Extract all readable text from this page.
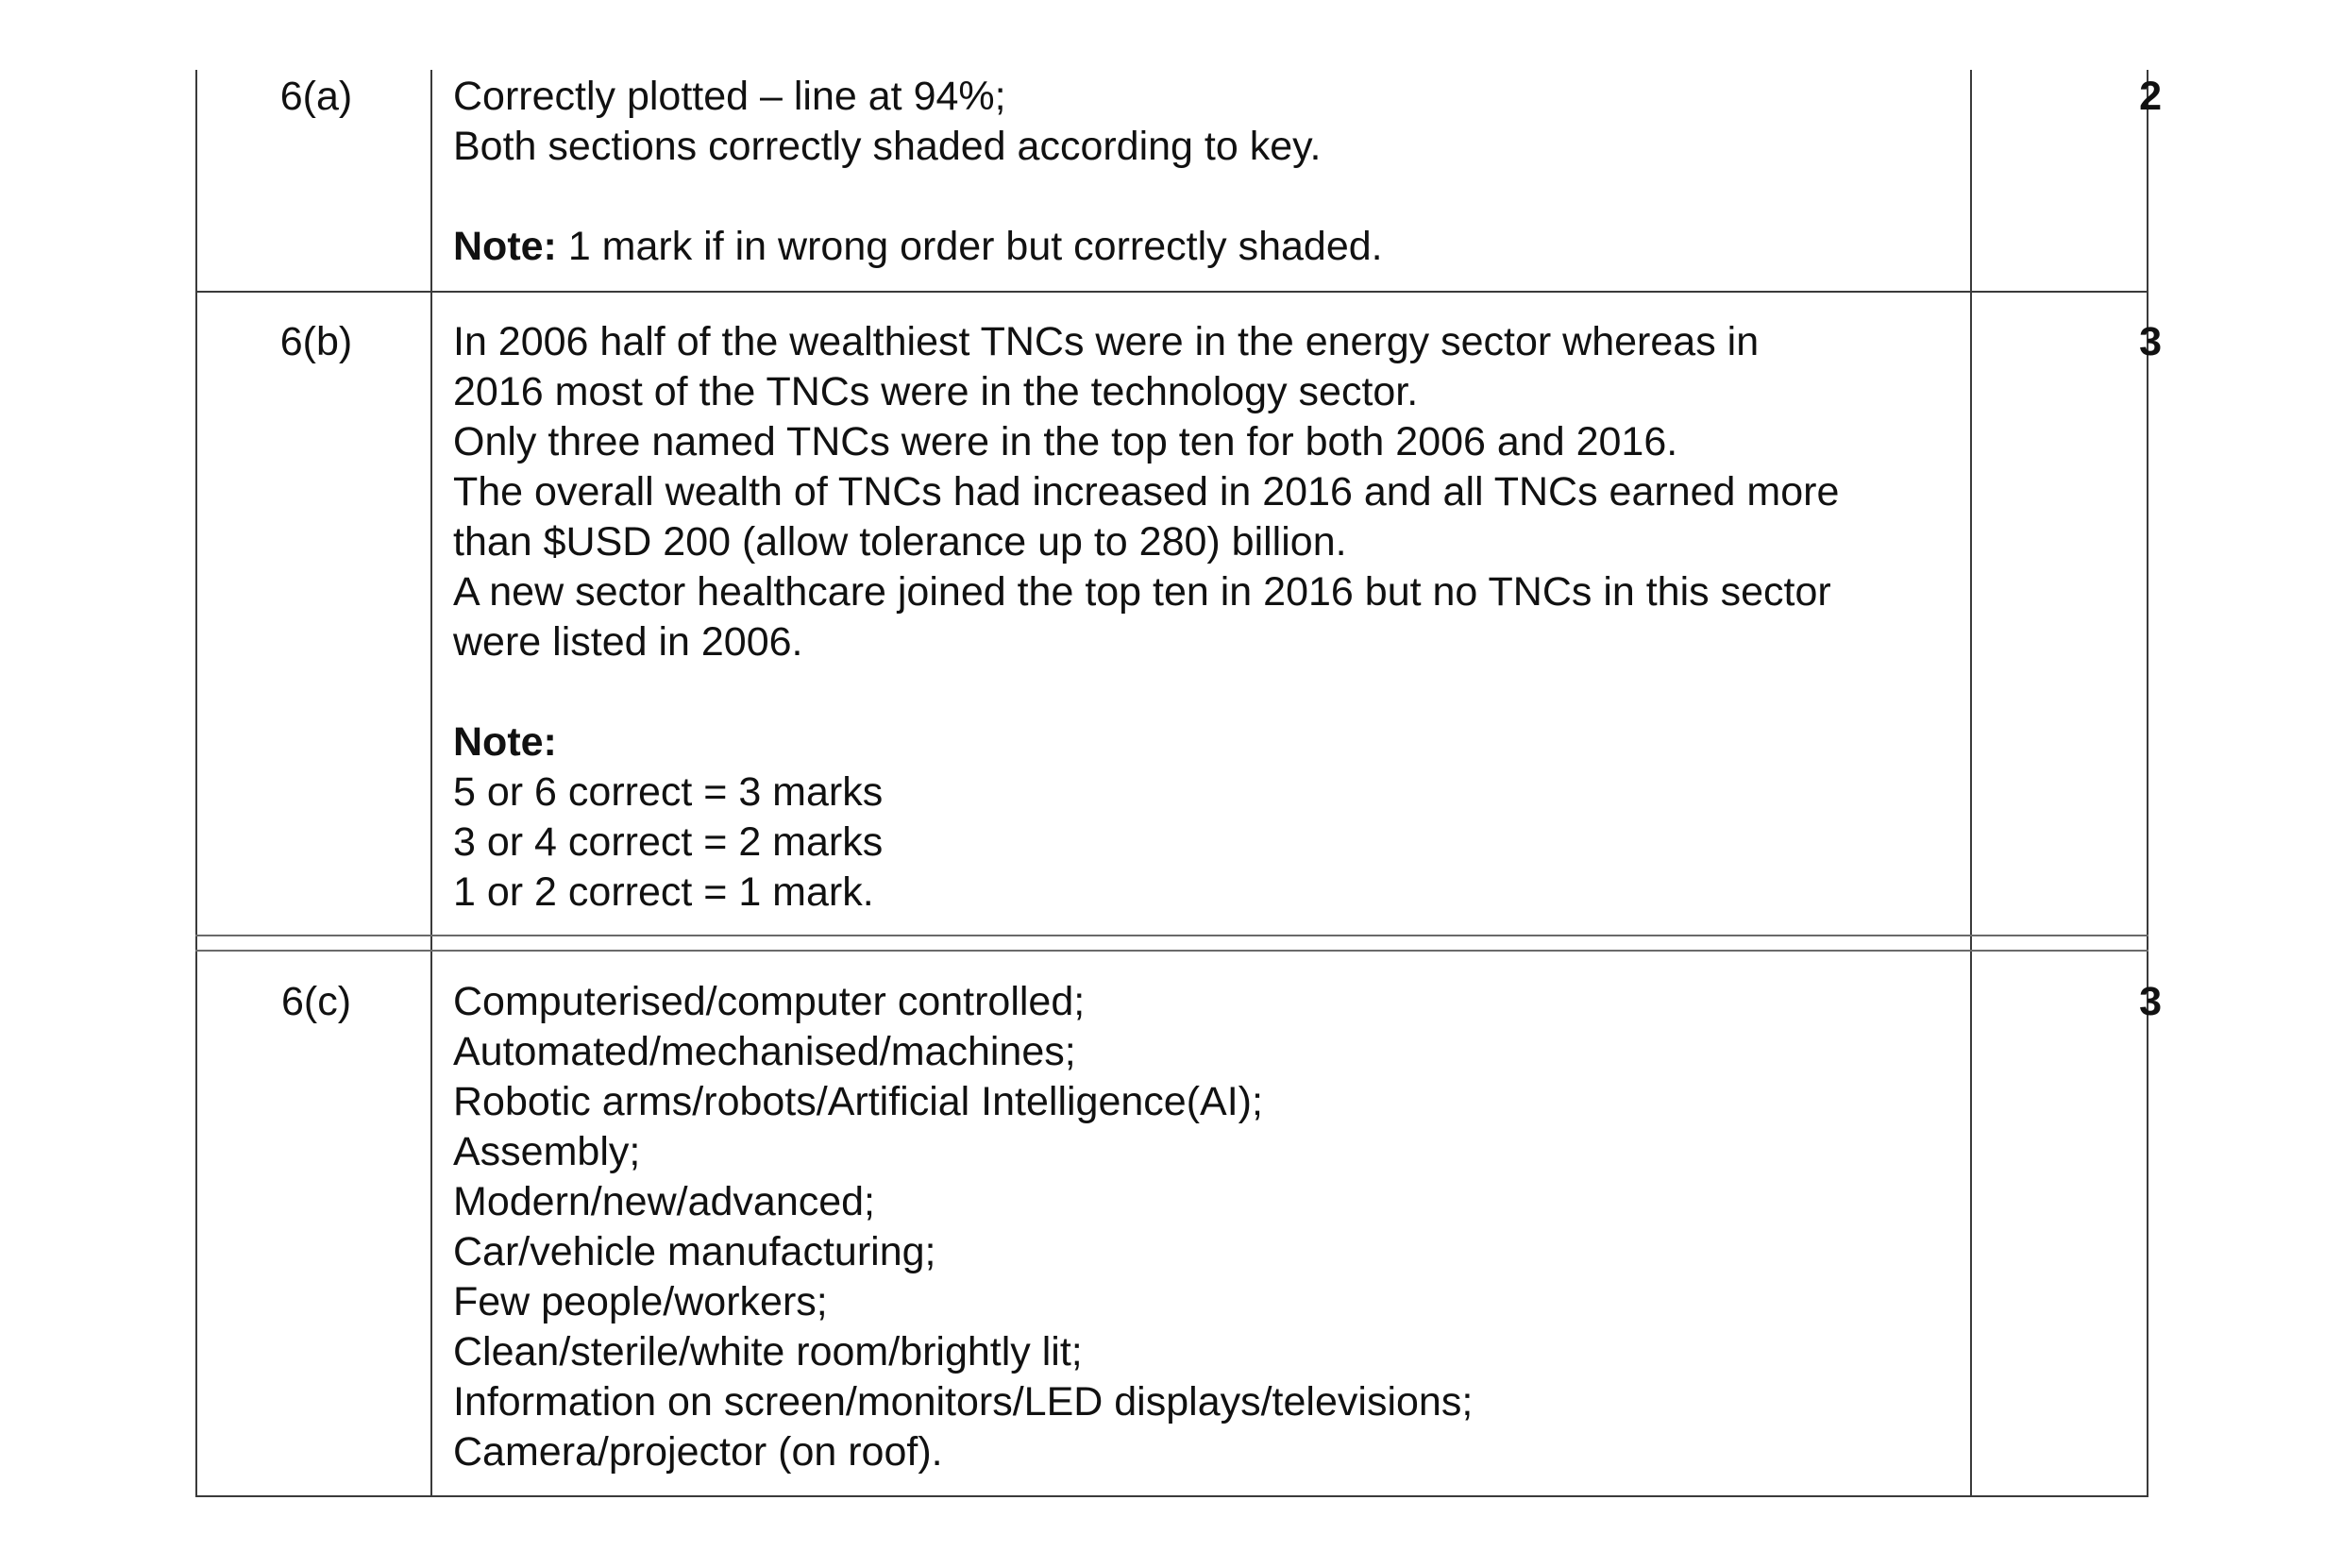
6(a)	Correctly plotted – line at 94%;
Both sections correctly shaded according to key.
Note: 1 mark if in wrong order but correctly shaded.
2
6(b)	In 2006 half of the wealthiest TNCs were in the energy sector whereas in
2016 most of the TNCs were in the technology sector.
Only three named TNCs were in the top ten for both 2006 and 2016.
The overall wealth of TNCs had increased in 2016 and all TNCs earned more
than $USD 200 (allow tolerance up to 280) billion.
A new sector healthcare joined the top ten in 2016 but no TNCs in this sector
were listed in 2006.
Note:
5 or 6 correct = 3 marks
3 or 4 correct = 2 marks
1 or 2 correct = 1 mark.
3
6(c)	Computerised/computer controlled;
Automated/mechanised/machines;
Robotic arms/robots/Artificial Intelligence(AI);
Assembly;
Modern/new/advanced;
Car/vehicle manufacturing;
Few people/workers;
Clean/sterile/white room/brightly lit;
Information on screen/monitors/LED displays/televisions;
Camera/projector (on roof).
3
